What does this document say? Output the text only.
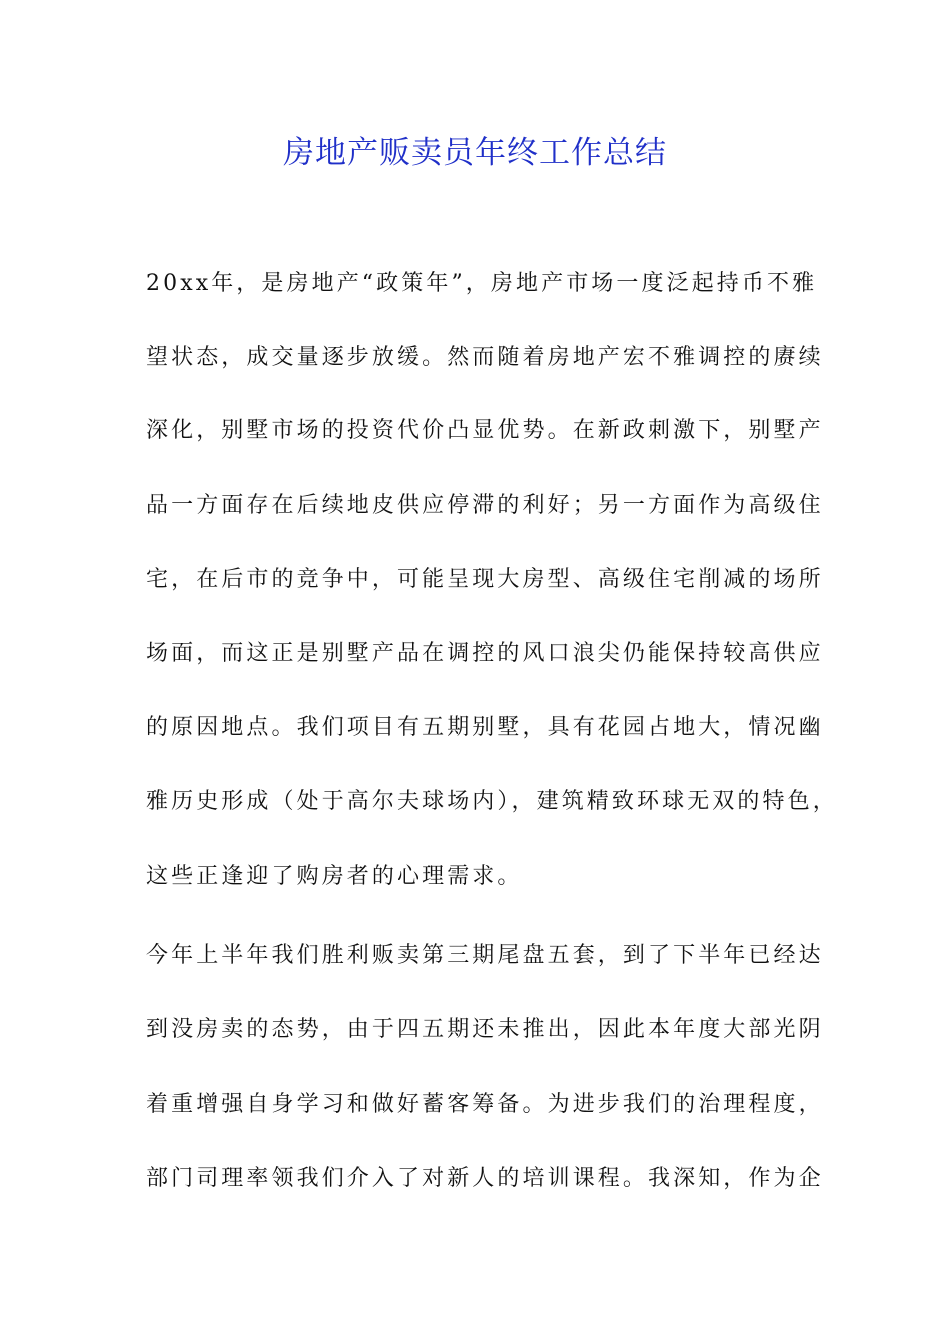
房地产贩卖员年终工作总结
20xx年，是房地产“政策年”，房地产市场一度泛起持币不雅
望状态，成交量逐步放缓。然而随着房地产宏不雅调控的赓续
深化，别墅市场的投资代价凸显优势。在新政刺激下，别墅产
品一方面存在后续地皮供应停滞的利好；另一方面作为高级住
宅，在后市的竞争中，可能呈现大房型、高级住宅削减的场所
场面，而这正是别墅产品在调控的风口浪尖仍能保持较高供应
的原因地点。我们项目有五期别墅，具有花园占地大，情况幽
雅历史形成（处于高尔夫球场内），建筑精致环球无双的特色，
这些正逢迎了购房者的心理需求。
今年上半年我们胜利贩卖第三期尾盘五套，到了下半年已经达
到没房卖的态势，由于四五期还未推出，因此本年度大部光阴
着重增强自身学习和做好蓄客筹备。为进步我们的治理程度，
部门司理率领我们介入了对新人的培训课程。我深知，作为企
